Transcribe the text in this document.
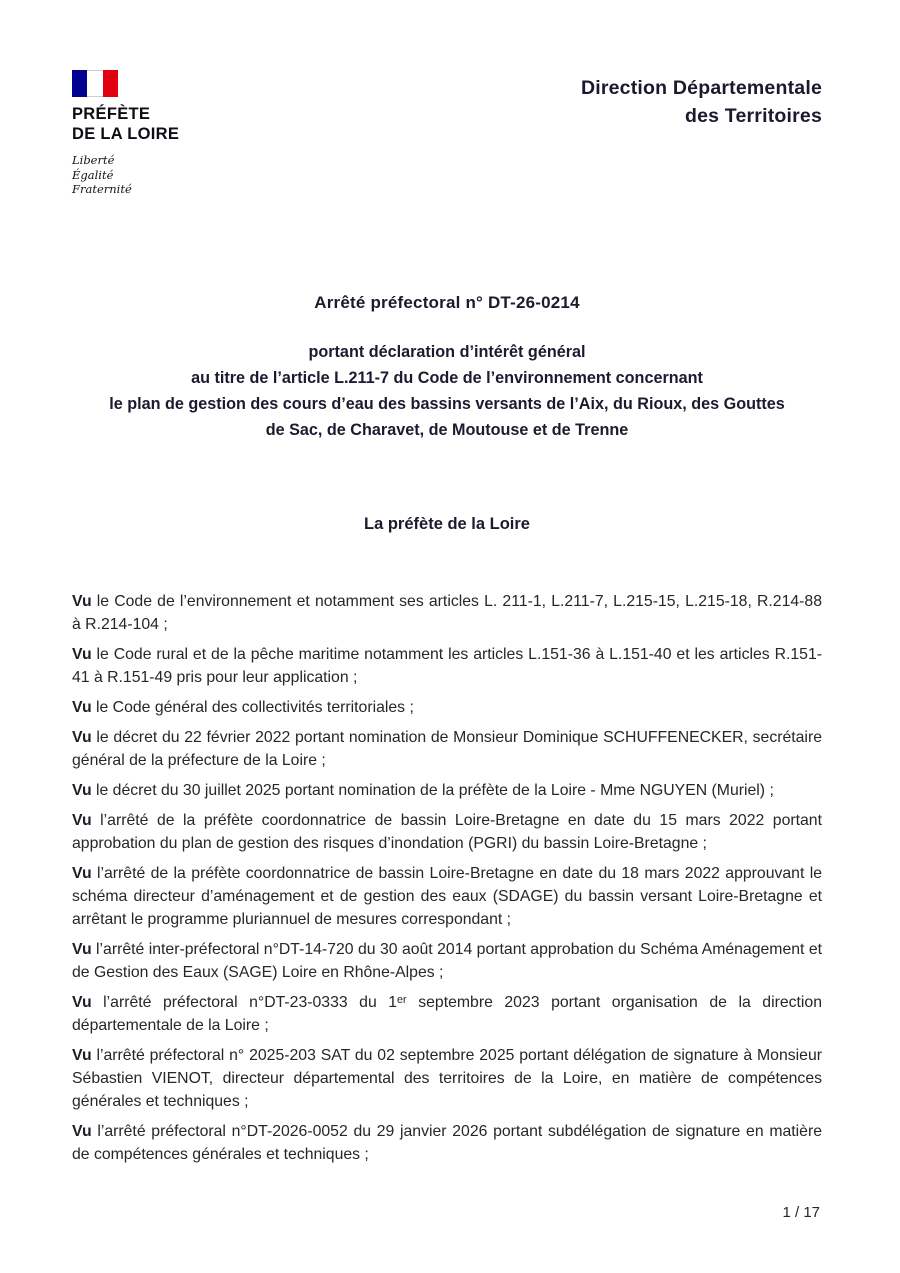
PRÉFÈTE
DE LA LOIRE
Liberté
Égalité
Fraternité
Direction Départementale
des Territoires
Arrêté préfectoral n° DT-26-0214
portant déclaration d’intérêt général
au titre de l’article L.211-7 du Code de l’environnement concernant
le plan de gestion des cours d’eau des bassins versants de l’Aix, du Rioux, des Gouttes
de Sac, de Charavet, de Moutouse et de Trenne
La préfète de la Loire

Vu le Code de l’environnement et notamment ses articles L. 211-1, L.211-7, L.215-15, L.215-18, R.214-88 à R.214-104 ;

Vu le Code rural et de la pêche maritime notamment les articles L.151-36 à L.151-40 et les articles R.151-41 à R.151-49 pris pour leur application ;

Vu le Code général des collectivités territoriales ;

Vu le décret du 22 février 2022 portant nomination de Monsieur Dominique SCHUFFENECKER, secrétaire général de la préfecture de la Loire ;

Vu le décret du 30 juillet 2025 portant nomination de la préfète de la Loire - Mme NGUYEN (Muriel) ;

Vu l’arrêté de la préfète coordonnatrice de bassin Loire-Bretagne en date du 15 mars 2022 portant approbation du plan de gestion des risques d’inondation (PGRI) du bassin Loire-Bretagne ;

Vu l’arrêté de la préfète coordonnatrice de bassin Loire-Bretagne en date du 18 mars 2022 approuvant le schéma directeur d’aménagement et de gestion des eaux (SDAGE) du bassin versant Loire-Bretagne et arrêtant le programme pluriannuel de mesures correspondant ;

Vu l’arrêté inter-préfectoral n°DT-14-720 du 30 août 2014 portant approbation du Schéma Aménagement et de Gestion des Eaux (SAGE) Loire en Rhône-Alpes ;

Vu l’arrêté préfectoral n°DT-23-0333 du 1ᵉʳ septembre 2023 portant organisation de la direction départementale de la Loire ;

Vu l’arrêté préfectoral n° 2025-203 SAT du 02 septembre 2025 portant délégation de signature à Monsieur Sébastien VIENOT, directeur départemental des territoires de la Loire, en matière de compétences générales et techniques ;

Vu l’arrêté préfectoral n°DT-2026-0052 du 29 janvier 2026 portant subdélégation de signature en matière de compétences générales et techniques ;

1 / 17
